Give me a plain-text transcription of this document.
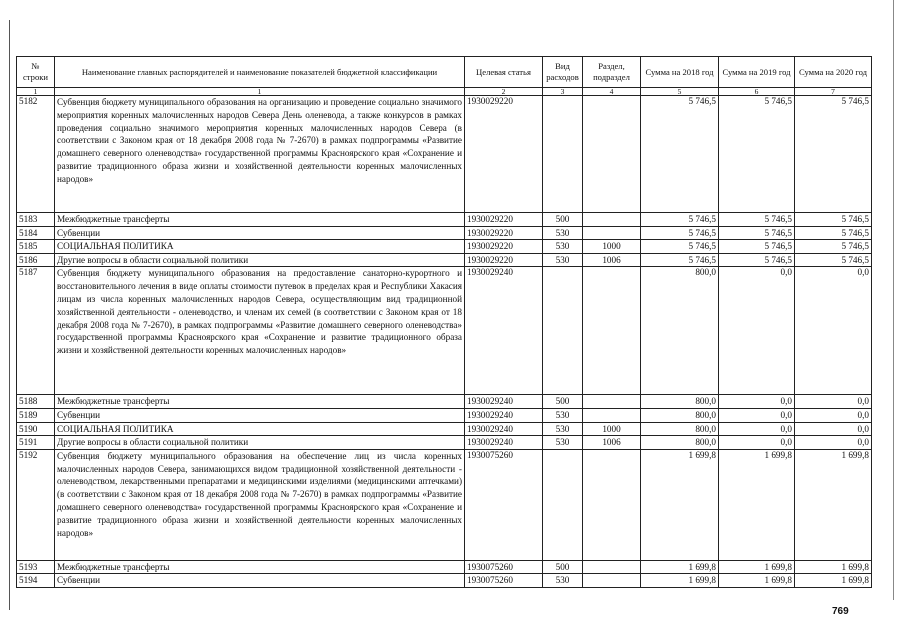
№ строки	Наименование главных распорядителей и наименование показателей бюджетной классификации	Целевая статья	Вид расходов	Раздел, подраздел	Сумма на 2018 год	Сумма на 2019 год	Сумма на 2020 год
1	1	2	3	4	5	6	7
5182	Субвенция бюджету муниципального образования на организацию и проведение социально значимого мероприятия коренных малочисленных народов Севера День оленевода, а также конкурсов в рамках проведения социально значимого мероприятия коренных малочисленных народов Севера (в соответствии с Законом края от 18 декабря 2008 года № 7-2670) в рамках подпрограммы «Развитие домашнего северного оленеводства» государственной программы Красноярского края «Сохранение и развитие традиционного образа жизни и хозяйственной деятельности коренных малочисленных народов»	1930029220			5 746,5	5 746,5	5 746,5
5183	Межбюджетные трансферты	1930029220	500		5 746,5	5 746,5	5 746,5
5184	Субвенции	1930029220	530		5 746,5	5 746,5	5 746,5
5185	СОЦИАЛЬНАЯ ПОЛИТИКА	1930029220	530	1000	5 746,5	5 746,5	5 746,5
5186	Другие вопросы в области социальной политики	1930029220	530	1006	5 746,5	5 746,5	5 746,5
5187	Субвенция бюджету муниципального образования на предоставление санаторно-курортного и восстановительного лечения в виде оплаты стоимости путевок в пределах края и Республики Хакасия лицам из числа коренных малочисленных народов Севера, осуществляющим вид традиционной хозяйственной деятельности - оленеводство, и членам их семей (в соответствии с Законом края от 18 декабря 2008 года № 7-2670), в рамках подпрограммы «Развитие домашнего северного оленеводства» государственной программы Красноярского края «Сохранение и развитие традиционного образа жизни и хозяйственной деятельности коренных малочисленных народов»	1930029240			800,0	0,0	0,0
5188	Межбюджетные трансферты	1930029240	500		800,0	0,0	0,0
5189	Субвенции	1930029240	530		800,0	0,0	0,0
5190	СОЦИАЛЬНАЯ ПОЛИТИКА	1930029240	530	1000	800,0	0,0	0,0
5191	Другие вопросы в области социальной политики	1930029240	530	1006	800,0	0,0	0,0
5192	Субвенция бюджету муниципального образования на обеспечение лиц из числа коренных малочисленных народов Севера, занимающихся видом традиционной хозяйственной деятельности - оленеводством, лекарственными препаратами и медицинскими изделиями (медицинскими аптечками) (в соответствии с Законом края от 18 декабря 2008 года № 7-2670) в рамках подпрограммы «Развитие домашнего северного оленеводства» государственной программы Красноярского края «Сохранение и развитие традиционного образа жизни и хозяйственной деятельности коренных малочисленных народов»	1930075260			1 699,8	1 699,8	1 699,8
5193	Межбюджетные трансферты	1930075260	500		1 699,8	1 699,8	1 699,8
5194	Субвенции	1930075260	530		1 699,8	1 699,8	1 699,8
769
